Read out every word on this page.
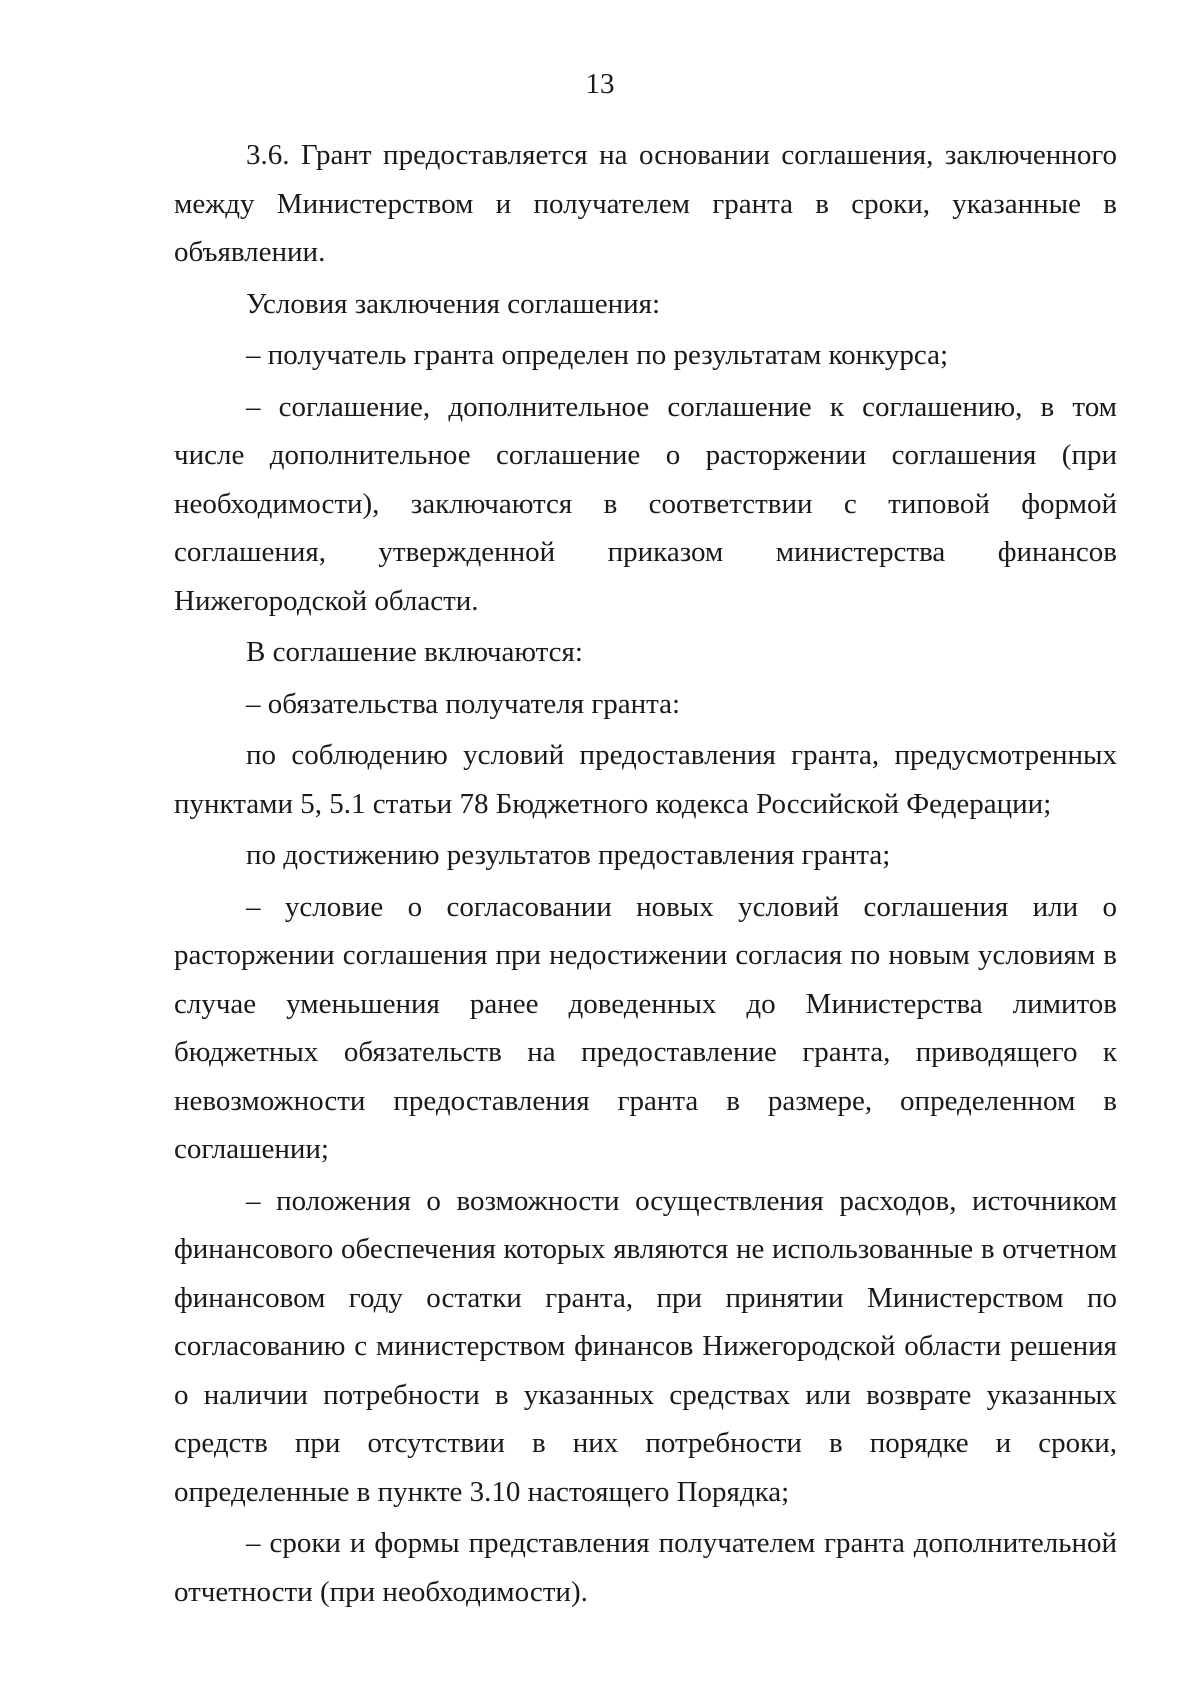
13

3.6. Грант предоставляется на основании соглашения, заключенного между Министерством и получателем гранта в сроки, указанные в объявлении.

Условия заключения соглашения:

– получатель гранта определен по результатам конкурса;

– соглашение, дополнительное соглашение к соглашению, в том числе дополнительное соглашение о расторжении соглашения (при необходимости), заключаются в соответствии с типовой формой соглашения, утвержденной приказом министерства финансов Нижегородской области.

В соглашение включаются:

– обязательства получателя гранта:

по соблюдению условий предоставления гранта, предусмотренных пунктами 5, 5.1 статьи 78 Бюджетного кодекса Российской Федерации;

по достижению результатов предоставления гранта;

– условие о согласовании новых условий соглашения или о расторжении соглашения при недостижении согласия по новым условиям в случае уменьшения ранее доведенных до Министерства лимитов бюджетных обязательств на предоставление гранта, приводящего к невозможности предоставления гранта в размере, определенном в соглашении;

– положения о возможности осуществления расходов, источником финансового обеспечения которых являются не использованные в отчетном финансовом году остатки гранта, при принятии Министерством по согласованию с министерством финансов Нижегородской области решения о наличии потребности в указанных средствах или возврате указанных средств при отсутствии в них потребности в порядке и сроки, определенные в пункте 3.10 настоящего Порядка;

– сроки и формы представления получателем гранта дополнительной отчетности (при необходимости).
